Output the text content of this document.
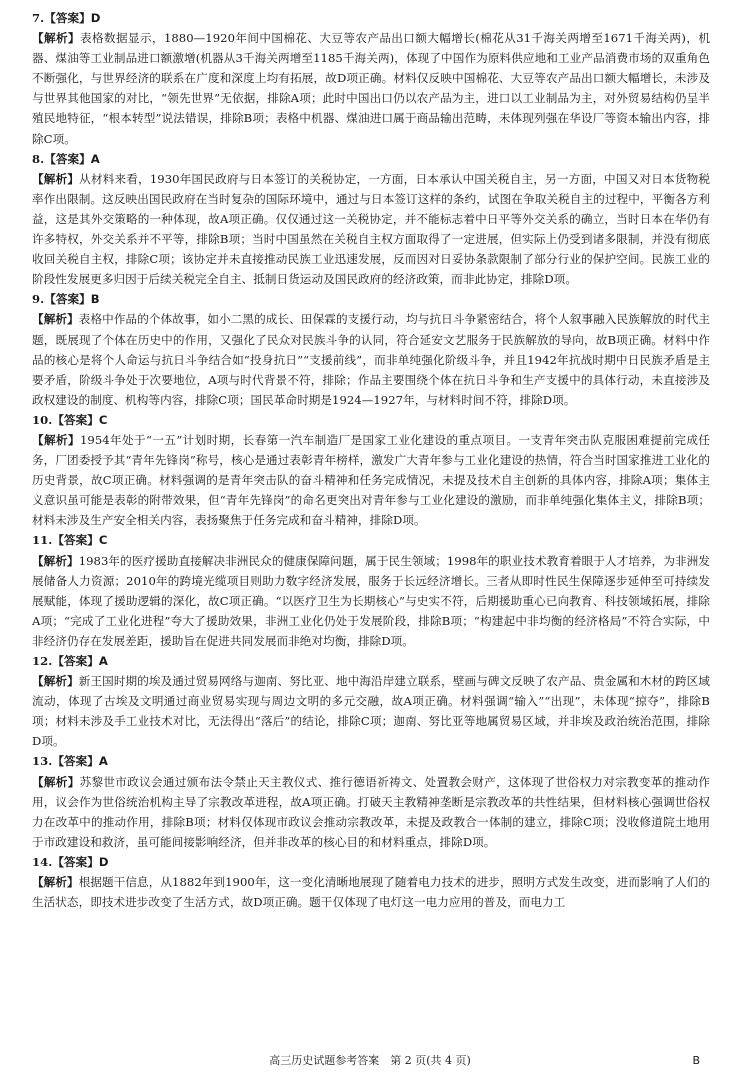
7.【答案】D

【解析】表格数据显示，1880—1920年间中国棉花、大豆等农产品出口额大幅增长(棉花从31千海关两增至1671千海关两)，机器、煤油等工业制品进口额激增(机器从3千海关两增至1185千海关两)，体现了中国作为原料供应地和工业产品消费市场的双重角色不断强化，与世界经济的联系在广度和深度上均有拓展，故D项正确。材料仅反映中国棉花、大豆等农产品出口额大幅增长，未涉及与世界其他国家的对比，“领先世界”无依据，排除A项；此时中国出口仍以农产品为主，进口以工业制品为主，对外贸易结构仍呈半殖民地特征，“根本转型”说法错误，排除B项；表格中机器、煤油进口属于商品输出范畴，未体现列强在华设厂等资本输出内容，排除C项。

8.【答案】A

【解析】从材料来看，1930年国民政府与日本签订的关税协定，一方面，日本承认中国关税自主，另一方面，中国又对日本货物税率作出限制。这反映出国民政府在当时复杂的国际环境中，通过与日本签订这样的条约，试图在争取关税自主的过程中，平衡各方利益，这是其外交策略的一种体现，故A项正确。仅仅通过这一关税协定，并不能标志着中日平等外交关系的确立，当时日本在华仍有许多特权，外交关系并不平等，排除B项；当时中国虽然在关税自主权方面取得了一定进展，但实际上仍受到诸多限制，并没有彻底收回关税自主权，排除C项；该协定并未直接推动民族工业迅速发展，反而因对日妥协条款限制了部分行业的保护空间。民族工业的阶段性发展更多归因于后续关税完全自主、抵制日货运动及国民政府的经济政策，而非此协定，排除D项。

9.【答案】B

【解析】表格中作品的个体故事，如小二黑的成长、田保霖的支援行动，均与抗日斗争紧密结合，将个人叙事融入民族解放的时代主题，既展现了个体在历史中的作用，又强化了民众对民族斗争的认同，符合延安文艺服务于民族解放的导向，故B项正确。材料中作品的核心是将个人命运与抗日斗争结合如“投身抗日”“支援前线”，而非单纯强化阶级斗争，并且1942年抗战时期中日民族矛盾是主要矛盾，阶级斗争处于次要地位，A项与时代背景不符，排除；作品主要围绕个体在抗日斗争和生产支援中的具体行动，未直接涉及政权建设的制度、机构等内容，排除C项；国民革命时期是1924—1927年，与材料时间不符，排除D项。

10.【答案】C

【解析】1954年处于“一五”计划时期，长春第一汽车制造厂是国家工业化建设的重点项目。一支青年突击队克服困难提前完成任务，厂团委授予其“青年先锋岗”称号，核心是通过表彰青年榜样，激发广大青年参与工业化建设的热情，符合当时国家推进工业化的历史背景，故C项正确。材料强调的是青年突击队的奋斗精神和任务完成情况，未提及技术自主创新的具体内容，排除A项；集体主义意识虽可能是表彰的附带效果，但“青年先锋岗”的命名更突出对青年参与工业化建设的激励，而非单纯强化集体主义，排除B项；材料未涉及生产安全相关内容，表扬聚焦于任务完成和奋斗精神，排除D项。

11.【答案】C

【解析】1983年的医疗援助直接解决非洲民众的健康保障问题，属于民生领域；1998年的职业技术教育着眼于人才培养，为非洲发展储备人力资源；2010年的跨境光缆项目则助力数字经济发展，服务于长远经济增长。三者从即时性民生保障逐步延伸至可持续发展赋能，体现了援助逻辑的深化，故C项正确。“以医疗卫生为长期核心”与史实不符，后期援助重心已向教育、科技领域拓展，排除A项；“完成了工业化进程”夸大了援助效果，非洲工业化仍处于发展阶段，排除B项；“构建起中非均衡的经济格局”不符合实际，中非经济仍存在发展差距，援助旨在促进共同发展而非绝对均衡，排除D项。

12.【答案】A

【解析】新王国时期的埃及通过贸易网络与迦南、努比亚、地中海沿岸建立联系，壁画与碑文反映了农产品、贵金属和木材的跨区域流动，体现了古埃及文明通过商业贸易实现与周边文明的多元交融，故A项正确。材料强调“输入”“出现”，未体现“掠夺”，排除B项；材料未涉及手工业技术对比，无法得出“落后”的结论，排除C项；迦南、努比亚等地属贸易区域，并非埃及政治统治范围，排除D项。

13.【答案】A

【解析】苏黎世市政议会通过颁布法令禁止天主教仪式、推行德语祈祷文、处置教会财产，这体现了世俗权力对宗教变革的推动作用，议会作为世俗统治机构主导了宗教改革进程，故A项正确。打破天主教精神垄断是宗教改革的共性结果，但材料核心强调世俗权力在改革中的推动作用，排除B项；材料仅体现市政议会推动宗教改革，未提及政教合一体制的建立，排除C项；没收修道院土地用于市政建设和救济，虽可能间接影响经济，但并非改革的核心目的和材料重点，排除D项。

14.【答案】D

【解析】根据题干信息，从1882年到1900年，这一变化清晰地展现了随着电力技术的进步，照明方式发生改变，进而影响了人们的生活状态，即技术进步改变了生活方式，故D项正确。题干仅体现了电灯这一电力应用的普及，而电力工

高三历史试题参考答案　第 2 页(共 4 页)	B
